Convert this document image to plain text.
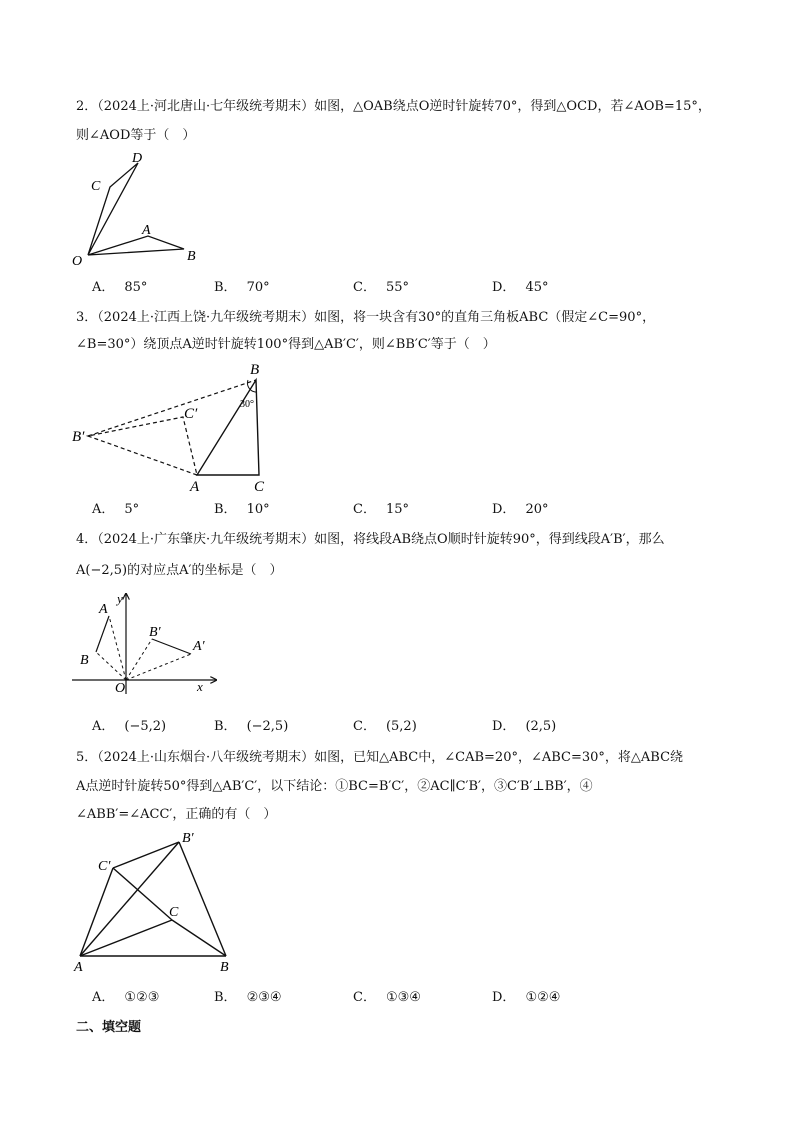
2．（2024上·河北唐山·七年级统考期末）如图，△OAB绕点O逆时针旋转70°，得到△OCD，若∠AOB=15°，
则∠AOD等于（　）
D
C
A
O	B
A． 85°	B． 70°	C． 55°	D． 45°
3．（2024上·江西上饶·九年级统考期末）如图，将一块含有30°的直角三角板ABC（假定∠C=90°，
∠B=30°）绕顶点A逆时针旋转100°得到△AB′C′，则∠BB′C′等于（　）
B
30°
C′
B′
A	C
A． 5°	B． 10°	C． 15°	D． 20°
4．（2024上·广东肇庆·九年级统考期末）如图，将线段AB绕点O顺时针旋转90°，得到线段A′B′，那么
A(−2,5)的对应点A′的坐标是（　）
y
A
B′
A′
B
O	x
A． (−5,2)	B． (−2,5)	C． (5,2)	D． (2,5)
5．（2024上·山东烟台·八年级统考期末）如图，已知△ABC中，∠CAB=20°，∠ABC=30°，将△ABC绕
A点逆时针旋转50°得到△AB′C′，以下结论：①BC=B′C′，②AC∥C′B′，③C′B′⊥BB′，④
∠ABB′=∠ACC′，正确的有（　）
B′
C′
C
A	B
A． ①②③	B． ②③④	C． ①③④	D． ①②④
二、填空题
